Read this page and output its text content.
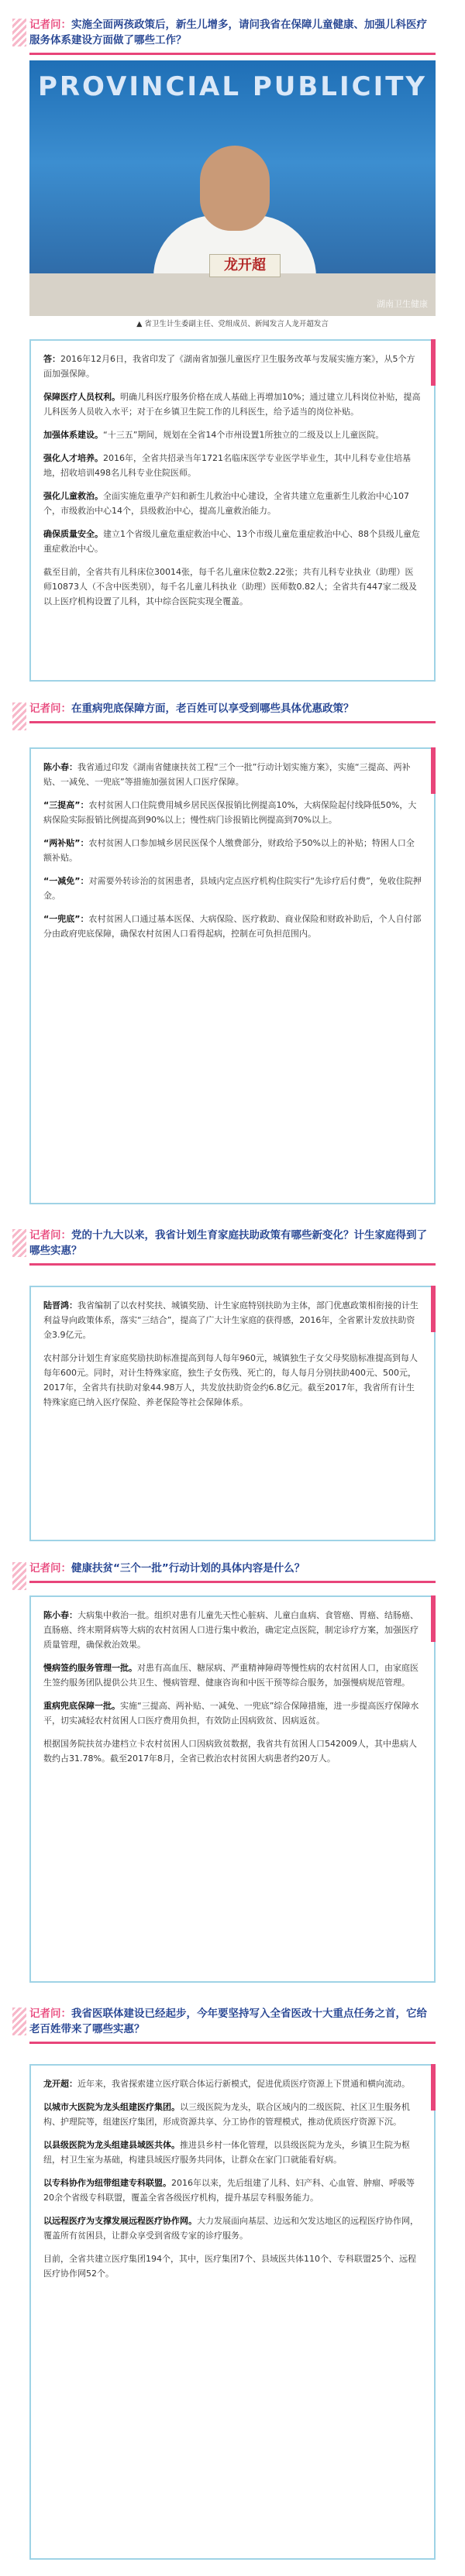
记者问：实施全面两孩政策后，新生儿增多，请问我省在保障儿童健康、加强儿科医疗服务体系建设方面做了哪些工作？
PROVINCIAL PUBLICITY
龙开超
湖南卫生健康
▲ 省卫生计生委副主任、党组成员、新闻发言人龙开超发言

答：2016年12月6日，我省印发了《湖南省加强儿童医疗卫生服务改革与发展实施方案》，从5个方面加强保障。

保障医疗人员权利。明确儿科医疗服务价格在成人基础上再增加10%；通过建立儿科岗位补贴，提高儿科医务人员收入水平；对于在乡镇卫生院工作的儿科医生，给予适当的岗位补贴。

加强体系建设。“十三五”期间，规划在全省14个市州设置1所独立的二级及以上儿童医院。

强化人才培养。2016年，全省共招录当年1721名临床医学专业医学毕业生，其中儿科专业住培基地，招收培训498名儿科专业住院医师。

强化儿童救治。全面实施危重孕产妇和新生儿救治中心建设，全省共建立危重新生儿救治中心107个，市级救治中心14个，县级救治中心，提高儿童救治能力。

确保质量安全。建立1个省级儿童危重症救治中心、13个市级儿童危重症救治中心、88个县级儿童危重症救治中心。

截至目前，全省共有儿科床位30014张，每千名儿童床位数2.22张；共有儿科专业执业（助理）医师10873人（不含中医类别），每千名儿童儿科执业（助理）医师数0.82人；全省共有447家二级及以上医疗机构设置了儿科，其中综合医院实现全覆盖。

记者问：在重病兜底保障方面，老百姓可以享受到哪些具体优惠政策？

陈小春：我省通过印发《湖南省健康扶贫工程“三个一批”行动计划实施方案》，实施“三提高、两补贴、一减免、一兜底”等措施加强贫困人口医疗保障。

“三提高”：农村贫困人口住院费用城乡居民医保报销比例提高10%，大病保险起付线降低50%，大病保险实际报销比例提高到90%以上；慢性病门诊报销比例提高到70%以上。

“两补贴”：农村贫困人口参加城乡居民医保个人缴费部分，财政给予50%以上的补贴；特困人口全额补贴。

“一减免”：对需要外转诊治的贫困患者，县域内定点医疗机构住院实行“先诊疗后付费”，免收住院押金。

“一兜底”：农村贫困人口通过基本医保、大病保险、医疗救助、商业保险和财政补助后，个人自付部分由政府兜底保障，确保农村贫困人口看得起病，控制在可负担范围内。

记者问：党的十九大以来，我省计划生育家庭扶助政策有哪些新变化？计生家庭得到了哪些实惠？

陆晋鸿：我省编制了以农村奖扶、城镇奖励、计生家庭特别扶助为主体，部门优惠政策相衔接的计生利益导向政策体系，落实“三结合”，提高了广大计生家庭的获得感，2016年，全省累计发放扶助资金3.9亿元。

农村部分计划生育家庭奖励扶助标准提高到每人每年960元，城镇独生子女父母奖励标准提高到每人每年600元。同时，对计生特殊家庭，独生子女伤残、死亡的，每人每月分别扶助400元、500元，2017年，全省共有扶助对象44.98万人，共发放扶助资金约6.8亿元。截至2017年，我省所有计生特殊家庭已纳入医疗保险、养老保险等社会保障体系。

记者问：健康扶贫“三个一批”行动计划的具体内容是什么？

陈小春：大病集中救治一批。组织对患有儿童先天性心脏病、儿童白血病、食管癌、胃癌、结肠癌、直肠癌、终末期肾病等大病的农村贫困人口进行集中救治，确定定点医院，制定诊疗方案，加强医疗质量管理，确保救治效果。

慢病签约服务管理一批。对患有高血压、糖尿病、严重精神障碍等慢性病的农村贫困人口，由家庭医生签约服务团队提供公共卫生、慢病管理、健康咨询和中医干预等综合服务，加强慢病规范管理。

重病兜底保障一批。实施“三提高、两补贴、一减免、一兜底”综合保障措施，进一步提高医疗保障水平，切实减轻农村贫困人口医疗费用负担，有效防止因病致贫、因病返贫。

根据国务院扶贫办建档立卡农村贫困人口因病致贫数据，我省共有贫困人口542009人，其中患病人数约占31.78%。截至2017年8月，全省已救治农村贫困大病患者约20万人。

记者问：我省医联体建设已经起步，今年要坚持写入全省医改十大重点任务之首，它给老百姓带来了哪些实惠？

龙开超：近年来，我省探索建立医疗联合体运行新模式，促进优质医疗资源上下贯通和横向流动。

以城市大医院为龙头组建医疗集团。以三级医院为龙头，联合区域内的二级医院、社区卫生服务机构、护理院等，组建医疗集团，形成资源共享、分工协作的管理模式，推动优质医疗资源下沉。

以县级医院为龙头组建县域医共体。推进县乡村一体化管理，以县级医院为龙头，乡镇卫生院为枢纽，村卫生室为基础，构建县域医疗服务共同体，让群众在家门口就能看好病。

以专科协作为纽带组建专科联盟。2016年以来，先后组建了儿科、妇产科、心血管、肿瘤、呼吸等20余个省级专科联盟，覆盖全省各级医疗机构，提升基层专科服务能力。

以远程医疗为支撑发展远程医疗协作网。大力发展面向基层、边远和欠发达地区的远程医疗协作网，覆盖所有贫困县，让群众享受到省级专家的诊疗服务。

目前，全省共建立医疗集团194个，其中，医疗集团7个、县域医共体110个、专科联盟25个、远程医疗协作网52个。
